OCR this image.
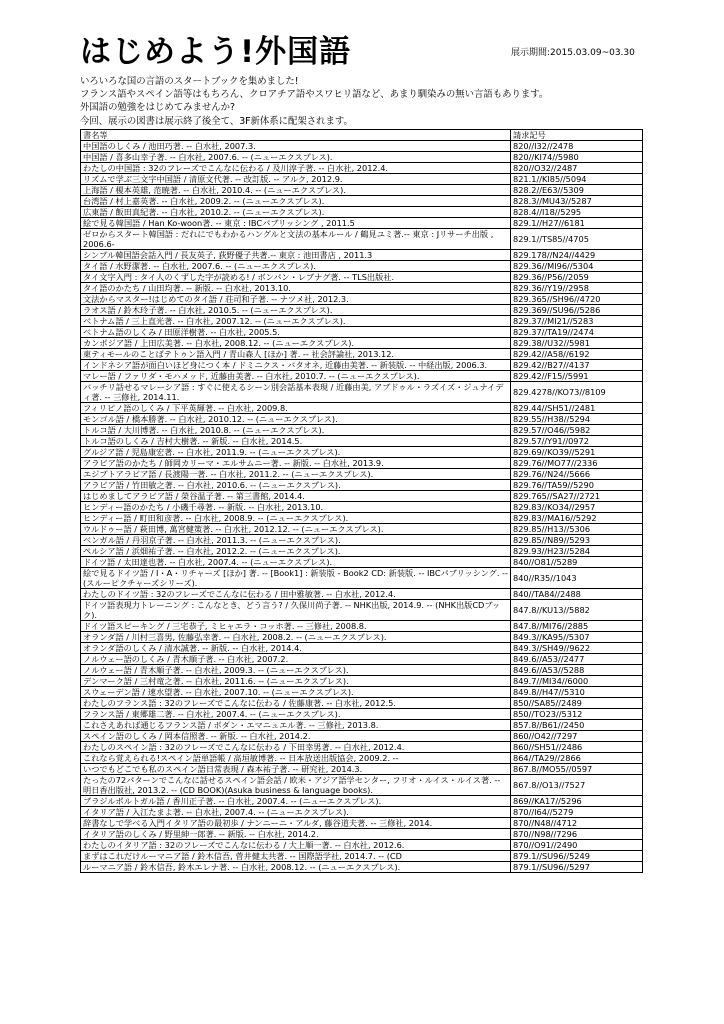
はじめよう!外国語	展示期間:2015.03.09~03.30
いろいろな国の言語のスタートブックを集めました!
フランス語やスペイン語等はもちろん、クロアチア語やスワヒリ語など、あまり馴染みの無い言語もあります。
外国語の勉強をはじめてみませんか?
今回、展示の図書は展示終了後全て、3F新体系に配架されます。
書名等	請求記号
中国語のしくみ / 池田巧著. -- 白水社, 2007.3.	820//I32//2478
中国語 / 喜多山幸子著. -- 白水社, 2007.6. -- (ニューエクスプレス).	820//KI74//5980
わたしの中国語 : 32のフレーズでこんなに伝わる / 及川淳子著. -- 白水社, 2012.4.	820//O32//2487
リズムで学ぶ三文字中国語 / 清原文代著. -- 改訂版. -- アルク, 2012.9.	821.1//KI85//5094
上海語 / 榎本英雄, 范暁著. -- 白水社, 2010.4. -- (ニューエクスプレス).	828.2//E63//5309
台湾語 / 村上嘉英著. -- 白水社, 2009.2. -- (ニューエクスプレス).	828.3//MU43//5287
広東語 / 飯田真紀著. -- 白水社, 2010.2. -- (ニューエクスプレス).	828.4//I18//5295
絵で見る韓国語 / Han Ko-woon著. -- 東京 : IBCパブリッシング , 2011.5	829.1//H27//6181
ゼロからスタート韓国語 : だれにでもわかるハングルと文法の基本ルール / 鶴見ユミ著.-- 東京 : Jリサーチ出版 , 2006.6-	829.1//TS85//4705
シンプル韓国語会話入門 / 長友英子, 荻野優子共著.-- 東京 : 池田書店 , 2011.3	829.178//N24//4429
タイ語 / 水野潔著. -- 白水社, 2007.6. -- (ニューエクスプレス).	829.36//MI96//5304
タイ文字入門 : タイ人のくずした字が読める! / ボンパン・レプナグ著. -- TLS出版社.	829.36//P56//2059
タイ語のかたち / 山田均著. -- 新版. -- 白水社, 2013.10.	829.36//Y19//2958
文法からマスター!はじめてのタイ語 / 荘司和子著. -- ナツメ社, 2012.3.	829.365//SH96//4720
ラオス語 / 鈴木玲子著. -- 白水社, 2010.5. -- (ニューエクスプレス).	829.369//SU96//5286
ベトナム語 / 三上直光著. -- 白水社, 2007.12. -- (ニューエクスプレス).	829.37//MI21//5283
ベトナム語のしくみ / 田原洋樹著. -- 白水社, 2005.5.	829.37//TA19//2474
カンボジア語 / 上田広美著. -- 白水社, 2008.12. -- (ニューエクスプレス).	829.38//U32//5981
東ティモールのことばテトゥン語入門 / 青山森人 [ほか] 著. -- 社会評論社, 2013.12.	829.42//A58//6192
インドネシア語が面白いほど身につく本 / ドミニクス・バタオネ, 近藤由美著. -- 新装版. -- 中経出版, 2006.3.	829.42//B27//4137
マレー語 / ファリダ・モハメッド, 近藤由美著. -- 白水社, 2010.7. -- (ニューエクスプレス).	829.42//F15//5991
バッチリ話せるマレーシア語 : すぐに使えるシーン別会話基本表現 / 近藤由美, アブドゥル・ラズイズ・ジュナイディ著. -- 三修社, 2014.11.	829.4278//KO73//8109
フィリピノ語のしくみ / 下平英輝著. -- 白水社, 2009.8.	829.44//SH51//2481
モンゴル語 / 橋本勝著. -- 白水社, 2010.12. -- (ニューエクスプレス).	829.55//H38//5294
トルコ語 / 大川博著. -- 白水社, 2010.8. -- (ニューエクスプレス).	829.57//O46//5982
トルコ語のしくみ / 吉村大樹著. -- 新版. -- 白水社, 2014.5.	829.57//Y91//0972
グルジア語 / 児島康宏著. -- 白水社, 2011.9. -- (ニューエクスプレス).	829.69//KO39//5291
アラビア語のかたち / 師岡カリーマ・エルサムニー著. -- 新版. -- 白水社, 2013.9.	829.76//MO77//2336
エジプトアラビア語 / 長渡陽一著. -- 白水社, 2011.2. -- (ニューエクスプレス).	829.76//N24//5666
アラビア語 / 竹田敏之著. -- 白水社, 2010.6. -- (ニューエクスプレス).	829.76//TA59//5290
はじめましてアラビア語 / 榮谷温子著. -- 第三書館, 2014.4.	829.765//SA27//2721
ヒンディー語のかたち / 小磯千尋著. -- 新版. -- 白水社, 2013.10.	829.83//KO34//2957
ヒンディー語 / 町田和彦著. -- 白水社, 2008.9. -- (ニューエクスプレス).	829.83//MA16//5292
ウルドゥー語 / 萩田博, 萬宮健策著. -- 白水社, 2012.12. -- (ニューエクスプレス).	829.85//H13//5306
ベンガル語 / 丹羽京子著. -- 白水社, 2011.3. -- (ニューエクスプレス).	829.85//N89//5293
ペルシア語 / 浜畑祐子著. -- 白水社, 2012.2. -- (ニューエクスプレス).	829.93//H23//5284
ドイツ語 / 太田達也著. -- 白水社, 2007.4. -- (ニューエクスプレス).	840//O81//5289
絵で見るドイツ語 / I・A・リチャーズ [ほか] 著. -- [Book1] : 新装版 - Book2 CD: 新装版. -- IBCパブリッシング. -- (スルーピクチャーズシリーズ).	840//R35//1043
わたしのドイツ語 : 32のフレーズでこんなに伝わる / 田中雅敏著. -- 白水社, 2012.4.	840//TA84//2488
ドイツ語表現力トレーニング : こんなとき、どう言う? / 久保川尚子著. -- NHK出版, 2014.9. -- (NHK出版CDブック).	847.8//KU13//5882
ドイツ語スピーキング / 三宅恭子, ミヒャエラ・コッホ著. -- 三修社, 2008.8.	847.8//MI76//2885
オランダ語 / 川村三喜男, 佐藤弘幸著. -- 白水社, 2008.2. -- (ニューエクスプレス).	849.3//KA95//5307
オランダ語のしくみ / 清水誠著. -- 新版. -- 白水社, 2014.4.	849.3//SH49//9622
ノルウェー語のしくみ / 青木順子著. -- 白水社, 2007.2.	849.6//A53//2477
ノルウェー語 / 青木順子著. -- 白水社, 2009.3. -- (ニューエクスプレス).	849.6//A53//5288
デンマーク語 / 三村竜之著. -- 白水社, 2011.6. -- (ニューエクスプレス).	849.7//MI34//6000
スウェーデン語 / 速水望著. -- 白水社, 2007.10. -- (ニューエクスプレス).	849.8//H47//5310
わたしのフランス語 : 32のフレーズでこんなに伝わる / 佐藤康著. -- 白水社, 2012.5.	850//SA85//2489
フランス語 / 東郷雄二著. -- 白水社, 2007.4. -- (ニューエクスプレス).	850//TO23//5312
これさえあれば通じるフランス語 / ボダン・エマニュエル著. -- 三修社, 2013.8.	857.8//B61//2450
スペイン語のしくみ / 岡本信照著. -- 新版. -- 白水社, 2014.2.	860//O42//7297
わたしのスペイン語 : 32のフレーズでこんなに伝わる / 下田幸男著. -- 白水社, 2012.4.	860//SH51//2486
これなら覚えられる!スペイン語単語帳 / 高垣敏博著. -- 日本放送出版協会, 2009.2. --	864//TA29//2866
いつでもどこでも私のスペイン語日常表現 / 森本祐子著. -- 研究社, 2014.3.	867.8//MO55//0597
たったの72パターンでこんなに話せるスペイン語会話 / 欧米・アジア語学センター, フリオ・ルイス・ルイス著. -- 明日香出版社, 2013.2. -- (CD BOOK)(Asuka business & language books).	867.8//O13//7527
ブラジルポルトガル語 / 香川正子著. -- 白水社, 2007.4. -- (ニューエクスプレス).	869//KA17//5296
イタリア語 / 入江たまよ著. -- 白水社, 2007.4. -- (ニューエクスプレス).	870//I64//5279
辞書なしで学べる入門イタリア語の最初歩 / ナンニーニ・アルダ, 藤谷道夫著. -- 三修社, 2014.	870//N48//4712
イタリア語のしくみ / 野里紳一郎著. -- 新版. -- 白水社, 2014.2.	870//N98//7296
わたしのイタリア語 : 32のフレーズでこんなに伝わる / 大上順一著. -- 白水社, 2012.6.	870//O91//2490
まずはこれだけルーマニア語 / 鈴木信吾, 菅井健太共著. -- 国際語学社, 2014.7. -- (CD	879.1//SU96//5249
ルーマニア語 / 鈴木信吾, 鈴木エレナ著. -- 白水社, 2008.12. -- (ニューエクスプレス).	879.1//SU96//5297
